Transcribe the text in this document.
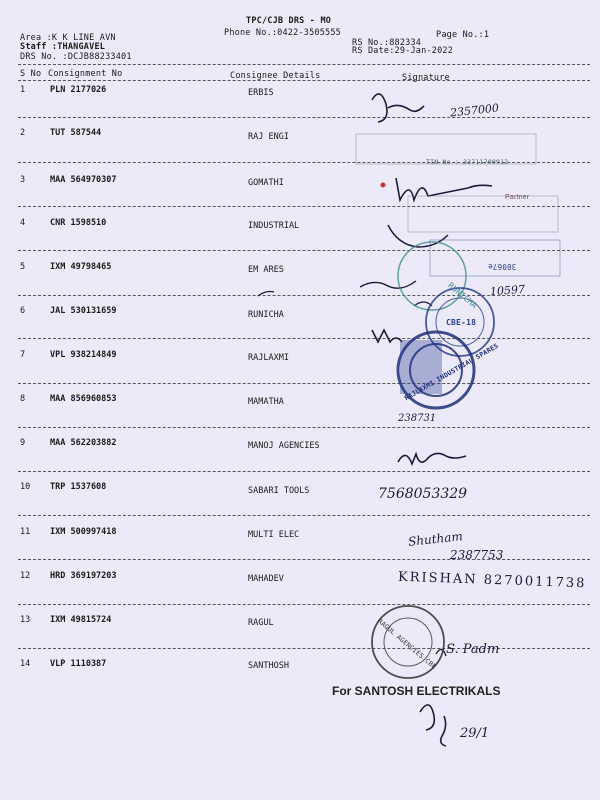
TPC/CJB DRS - MO
Phone No.:0422-3505555	Page No.:1
Area :K K LINE AVN
Staff :THANGAVEL
DRS No. :DCJB88233401
RS No.:882334
RS Date:29-Jan-2022
S No Consignment No	Consignee Details	Signature
1	PLN 2177026	ERBIS
2	TUT 587544	RAJ ENGI
3	MAA 564970307	GOMATHI
4	CNR 1598510	INDUSTRIAL
5	IXM 49798465	EM ARES
6	JAL 530131659	RUNICHA
7	VPL 938214849	RAJLAXMI
8	MAA 856960853	MAMATHA
9	MAA 562203882	MANOJ AGENCIES
10 TRP 1537608	SABARI TOOLS
11 IXM 500997418	MULTI ELEC
12 HRD 369197203	MAHADEV
13 IXM 49815724	RAGUL
14 VLP 1110387	SANTHOSH
CBE-18
RUNICHA
RAJLAXMI INDUSTRIAL SPARES
RAGUL AGENCIES CBE
Partner
TIN No : 33711700912
30067e
2357000
10597
238731
7568053329
Shutham
2387753
KRISHAN 8270011738
S. Padm
29/1
For SANTOSH ELECTRIKALS
